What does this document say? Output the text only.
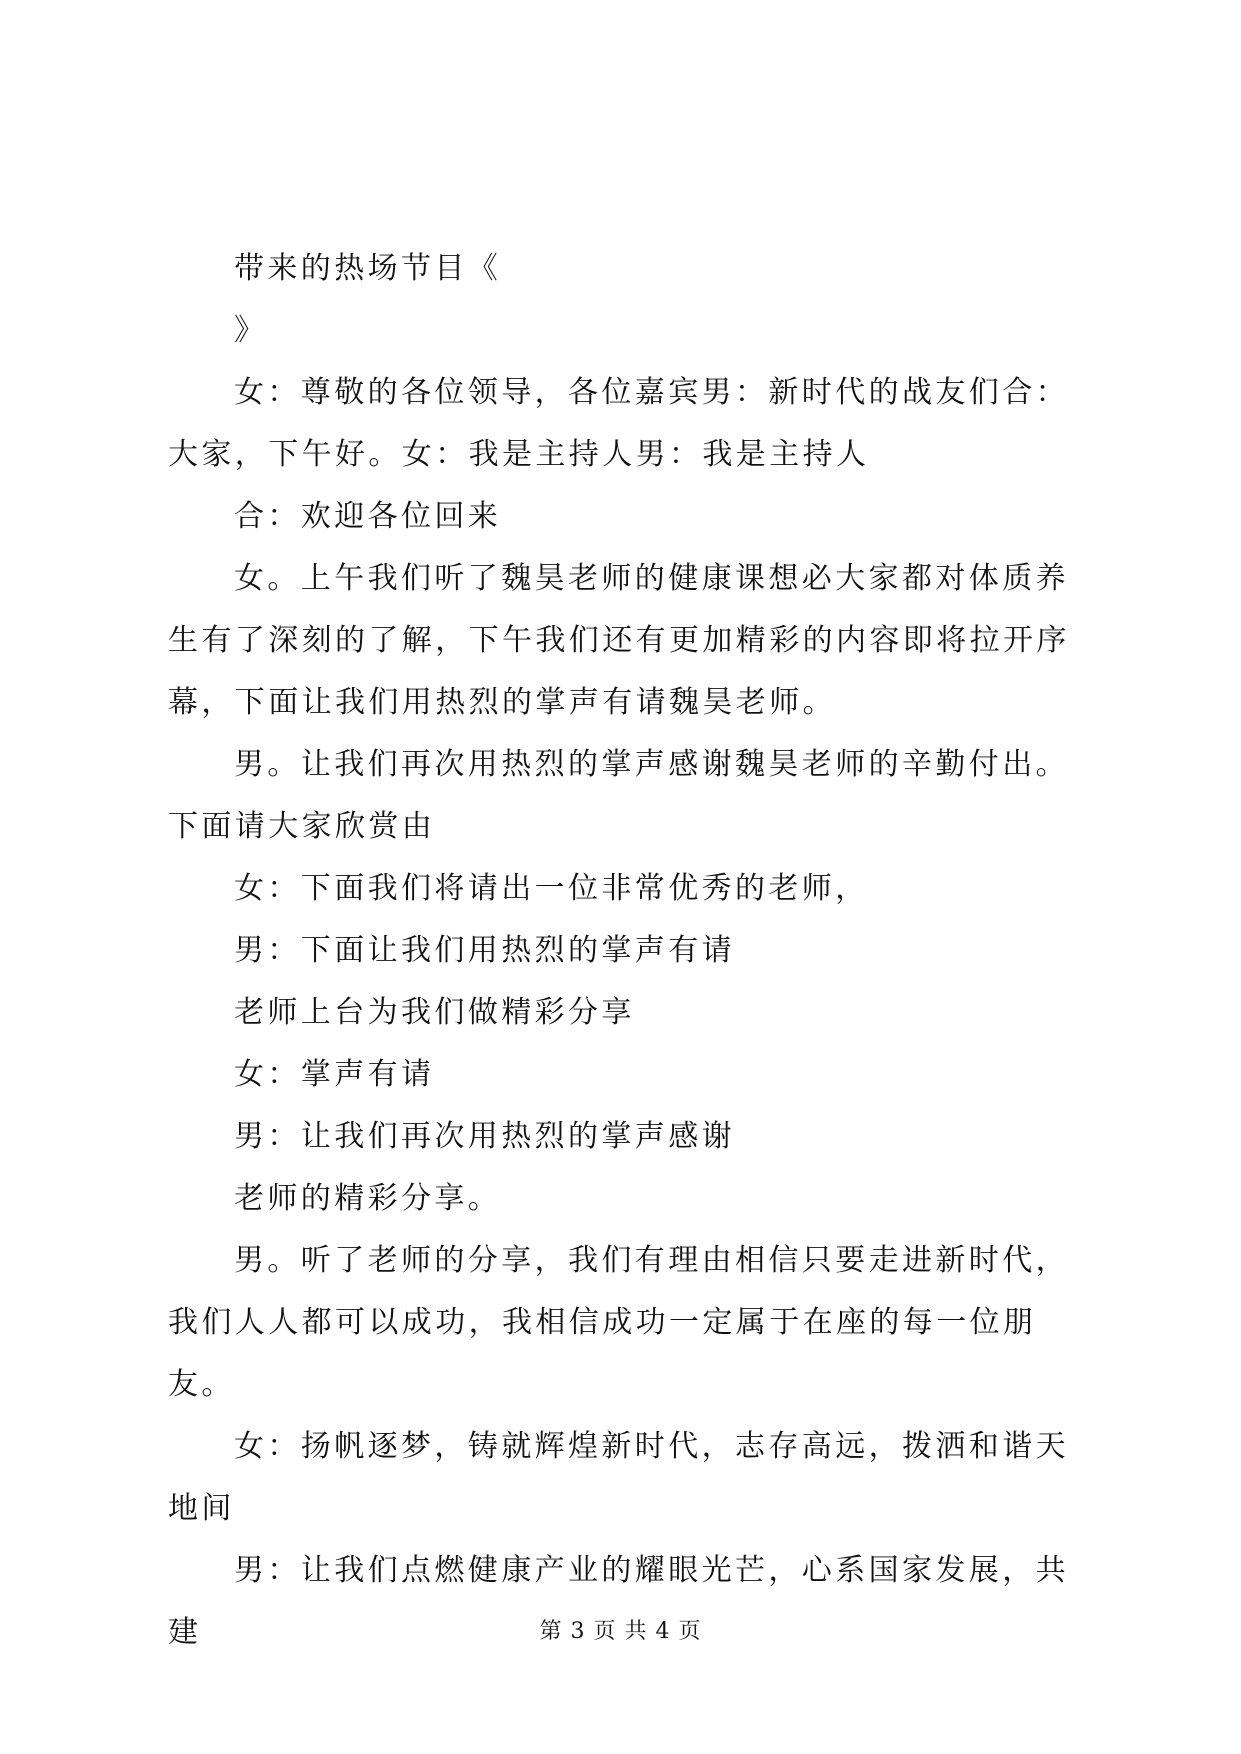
带来的热场节目《

》

女：尊敬的各位领导，各位嘉宾男：新时代的战友们合：大家，下午好。女：我是主持人男：我是主持人

合：欢迎各位回来

女。上午我们听了魏昊老师的健康课想必大家都对体质养生有了深刻的了解，下午我们还有更加精彩的内容即将拉开序幕，下面让我们用热烈的掌声有请魏昊老师。

男。让我们再次用热烈的掌声感谢魏昊老师的辛勤付出。下面请大家欣赏由

女：下面我们将请出一位非常优秀的老师，

男：下面让我们用热烈的掌声有请

老师上台为我们做精彩分享

女：掌声有请

男：让我们再次用热烈的掌声感谢

老师的精彩分享。

男。听了老师的分享，我们有理由相信只要走进新时代，我们人人都可以成功，我相信成功一定属于在座的每一位朋友。

女：扬帆逐梦，铸就辉煌新时代，志存高远，拨洒和谐天地间

男：让我们点燃健康产业的耀眼光芒，心系国家发展，共建	第 3 页 共 4 页
